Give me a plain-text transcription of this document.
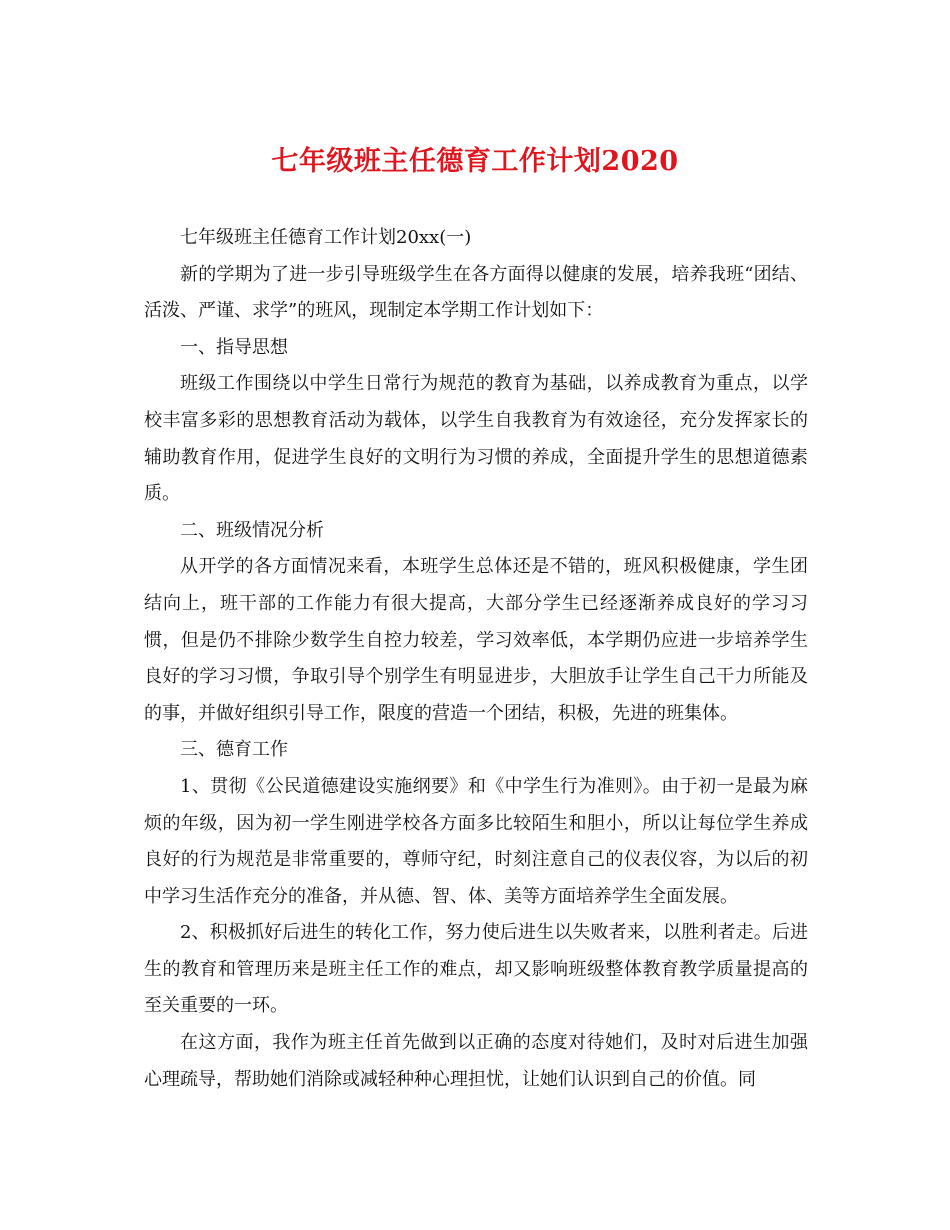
七年级班主任德育工作计划2020

七年级班主任德育工作计划20xx(一)

新的学期为了进一步引导班级学生在各方面得以健康的发展，培养我班“团结、活泼、严谨、求学”的班风，现制定本学期工作计划如下：

一、指导思想

班级工作围绕以中学生日常行为规范的教育为基础，以养成教育为重点，以学校丰富多彩的思想教育活动为载体，以学生自我教育为有效途径，充分发挥家长的辅助教育作用，促进学生良好的文明行为习惯的养成，全面提升学生的思想道德素质。

二、班级情况分析

从开学的各方面情况来看，本班学生总体还是不错的，班风积极健康，学生团结向上，班干部的工作能力有很大提高，大部分学生已经逐渐养成良好的学习习惯，但是仍不排除少数学生自控力较差，学习效率低，本学期仍应进一步培养学生良好的学习习惯，争取引导个别学生有明显进步，大胆放手让学生自己干力所能及的事，并做好组织引导工作，限度的营造一个团结，积极，先进的班集体。

三、德育工作

1、贯彻《公民道德建设实施纲要》和《中学生行为准则》。由于初一是最为麻烦的年级，因为初一学生刚进学校各方面多比较陌生和胆小，所以让每位学生养成良好的行为规范是非常重要的，尊师守纪，时刻注意自己的仪表仪容，为以后的初中学习生活作充分的准备，并从德、智、体、美等方面培养学生全面发展。

2、积极抓好后进生的转化工作，努力使后进生以失败者来，以胜利者走。后进生的教育和管理历来是班主任工作的难点，却又影响班级整体教育教学质量提高的至关重要的一环。

在这方面，我作为班主任首先做到以正确的态度对待她们，及时对后进生加强心理疏导，帮助她们消除或减轻种种心理担忧，让她们认识到自己的价值。同
